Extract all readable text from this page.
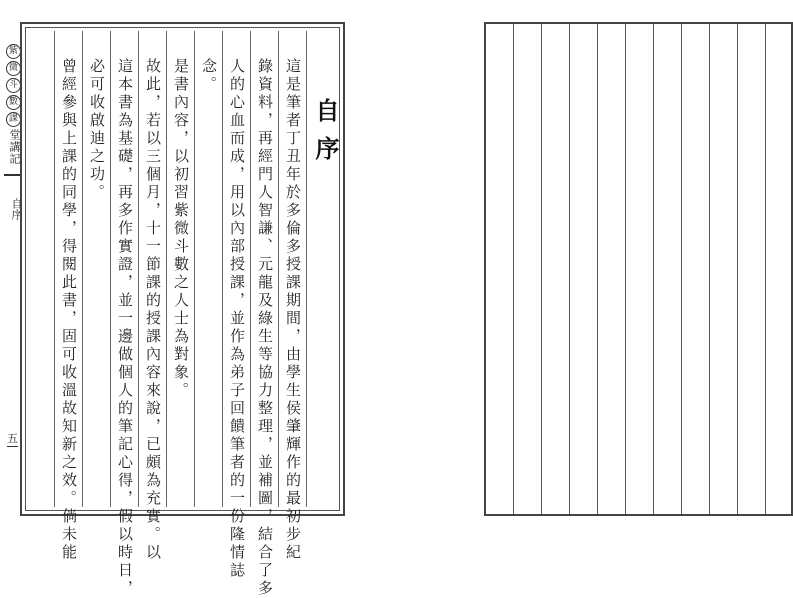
紫
微
斗
數
課
堂講記
自序
五
自序
這是筆者丁丑年於多倫多授課期間，由學生侯肇輝作的最初步紀
錄資料，再經門人智謙、元龍及綠生等協力整理，並補圖，結合了多
人的心血而成，用以內部授課，並作為弟子回饋筆者的一份隆情誌
念。
是書內容，以初習紫微斗數之人士為對象。
故此，若以三個月，十一節課的授課內容來說，已頗為充實。以
這本書為基礎，再多作實證，並一邊做個人的筆記心得，假以時日，
必可收啟迪之功。
曾經參與上課的同學，得閱此書，固可收溫故知新之效。倘未能
